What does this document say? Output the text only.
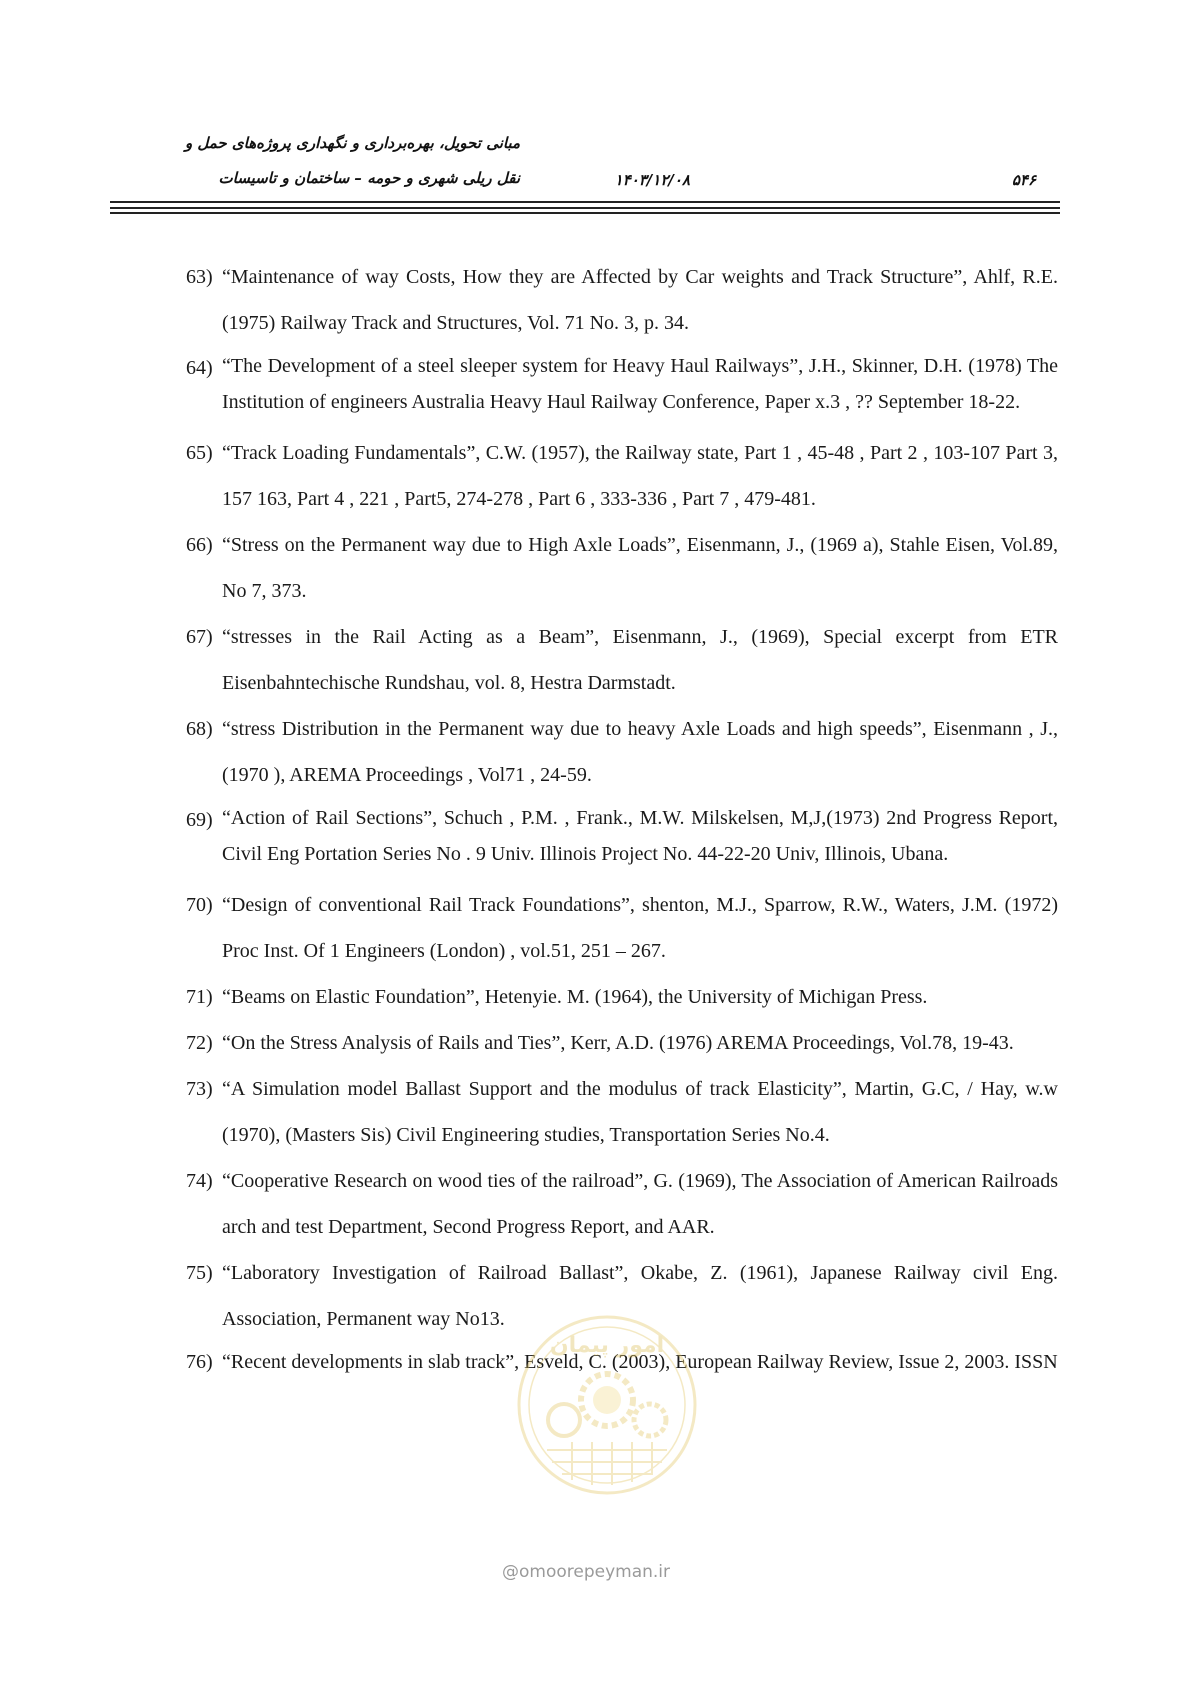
مبانی تحویل، بهره‌برداری و نگهداری پروژه‌های حمل و
نقل ریلی شهری و حومه – ساختمان و تاسیسات	۱۴۰۳/۱۲/۰۸	۵۴۶
63) “Maintenance of way Costs, How they are Affected by Car weights and Track Structure”, Ahlf, R.E. (1975) Railway Track and Structures, Vol. 71 No. 3, p. 34.
64) “The Development of a steel sleeper system for Heavy Haul Railways”, J.H., Skinner, D.H. (1978) The Institution of engineers Australia Heavy Haul Railway Conference, Paper x.3 , ?? September 18-22.
65) “Track Loading Fundamentals”, C.W. (1957), the Railway state, Part 1 , 45-48 , Part 2 , 103-107 Part 3, 157 163, Part 4 , 221 , Part5, 274-278 , Part 6 , 333-336 , Part 7 , 479-481.
66) “Stress on the Permanent way due to High Axle Loads”, Eisenmann, J., (1969 a), Stahle Eisen, Vol.89, No 7, 373.
67) “stresses in the Rail Acting as a Beam”, Eisenmann, J., (1969), Special excerpt from ETR Eisenbahntechische Rundshau, vol. 8, Hestra Darmstadt.
68) “stress Distribution in the Permanent way due to heavy Axle Loads and high speeds”, Eisenmann , J., (1970 ), AREMA Proceedings , Vol71 , 24-59.
69) “Action of Rail Sections”, Schuch , P.M. , Frank., M.W. Milskelsen, M,J,(1973) 2nd Progress Report, Civil Eng Portation Series No . 9 Univ. Illinois Project No. 44-22-20 Univ, Illinois, Ubana.
70) “Design of conventional Rail Track Foundations”, shenton, M.J., Sparrow, R.W., Waters, J.M. (1972) Proc Inst. Of 1 Engineers (London) , vol.51, 251 – 267.
71) “Beams on Elastic Foundation”, Hetenyie. M. (1964), the University of Michigan Press.
72) “On the Stress Analysis of Rails and Ties”, Kerr, A.D. (1976) AREMA Proceedings, Vol.78, 19-43.
73) “A Simulation model Ballast Support and the modulus of track Elasticity”, Martin, G.C, / Hay, w.w (1970), (Masters Sis) Civil Engineering studies, Transportation Series No.4.
74) “Cooperative Research on wood ties of the railroad”, G. (1969), The Association of American Railroads arch and test Department, Second Progress Report, and AAR.
75) “Laboratory Investigation of Railroad Ballast”, Okabe, Z. (1961), Japanese Railway civil Eng. Association, Permanent way No13.
76) “Recent developments in slab track”, Esveld, C. (2003), European Railway Review, Issue 2, 2003. ISSN
امور پیمان
@omoorepeyman.ir
